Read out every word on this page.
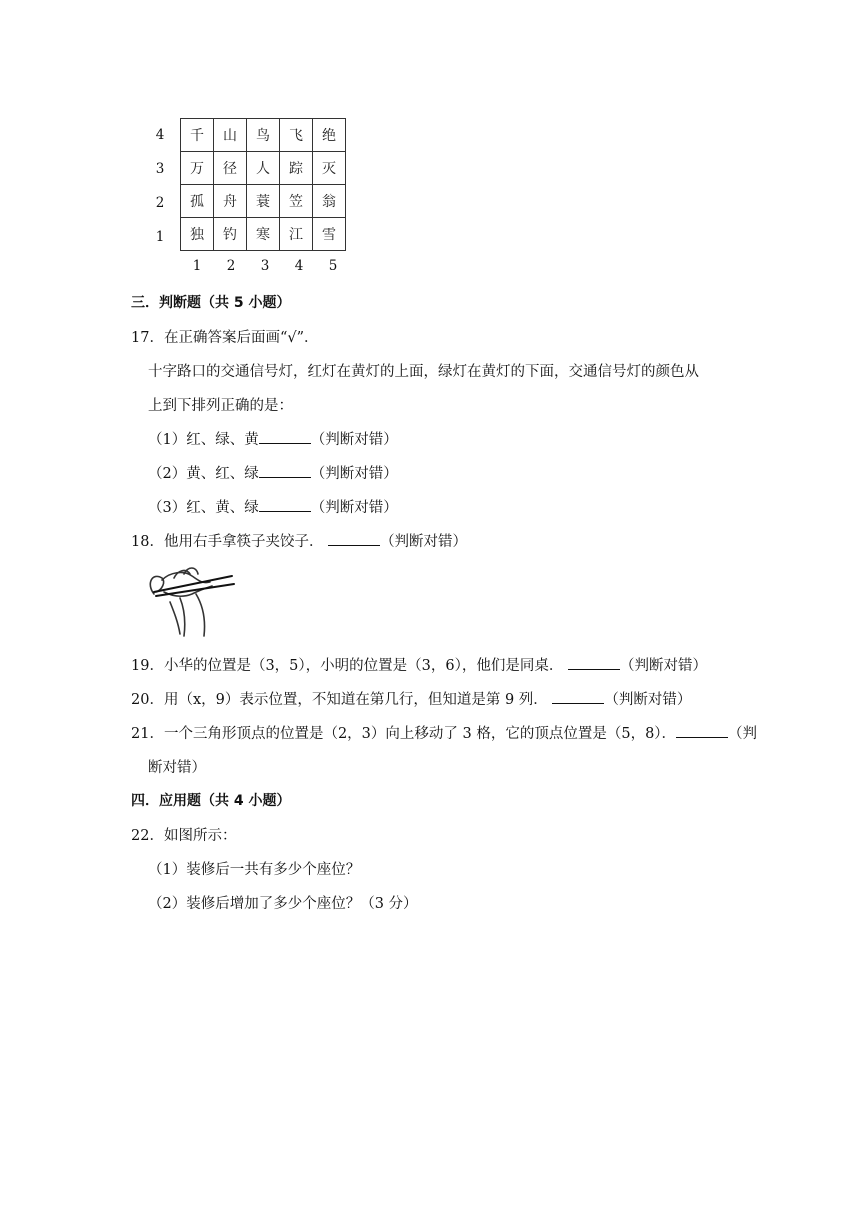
4
3
2
1
千	山	鸟	飞	绝
万	径	人	踪	灭
孤	舟	蓑	笠	翁
独	钓	寒	江	雪
1	2	3	4	5
三．判断题（共 5 小题）
17．在正确答案后面画“√”．
十字路口的交通信号灯，红灯在黄灯的上面，绿灯在黄灯的下面，交通信号灯的颜色从
上到下排列正确的是：
（1）红、绿、黄	（判断对错）
（2）黄、红、绿	（判断对错）
（3）红、黄、绿	（判断对错）
18．他用右手拿筷子夹饺子．	（判断对错）
19．小华的位置是（3，5），小明的位置是（3，6），他们是同桌．	（判断对错）
20．用（x，9）表示位置，不知道在第几行，但知道是第 9 列．	（判断对错）
21．一个三角形顶点的位置是（2，3）向上移动了 3 格，它的顶点位置是（5，8）．	（判
断对错）
四．应用题（共 4 小题）
22．如图所示：
（1）装修后一共有多少个座位？
（2）装修后增加了多少个座位？（3 分）
